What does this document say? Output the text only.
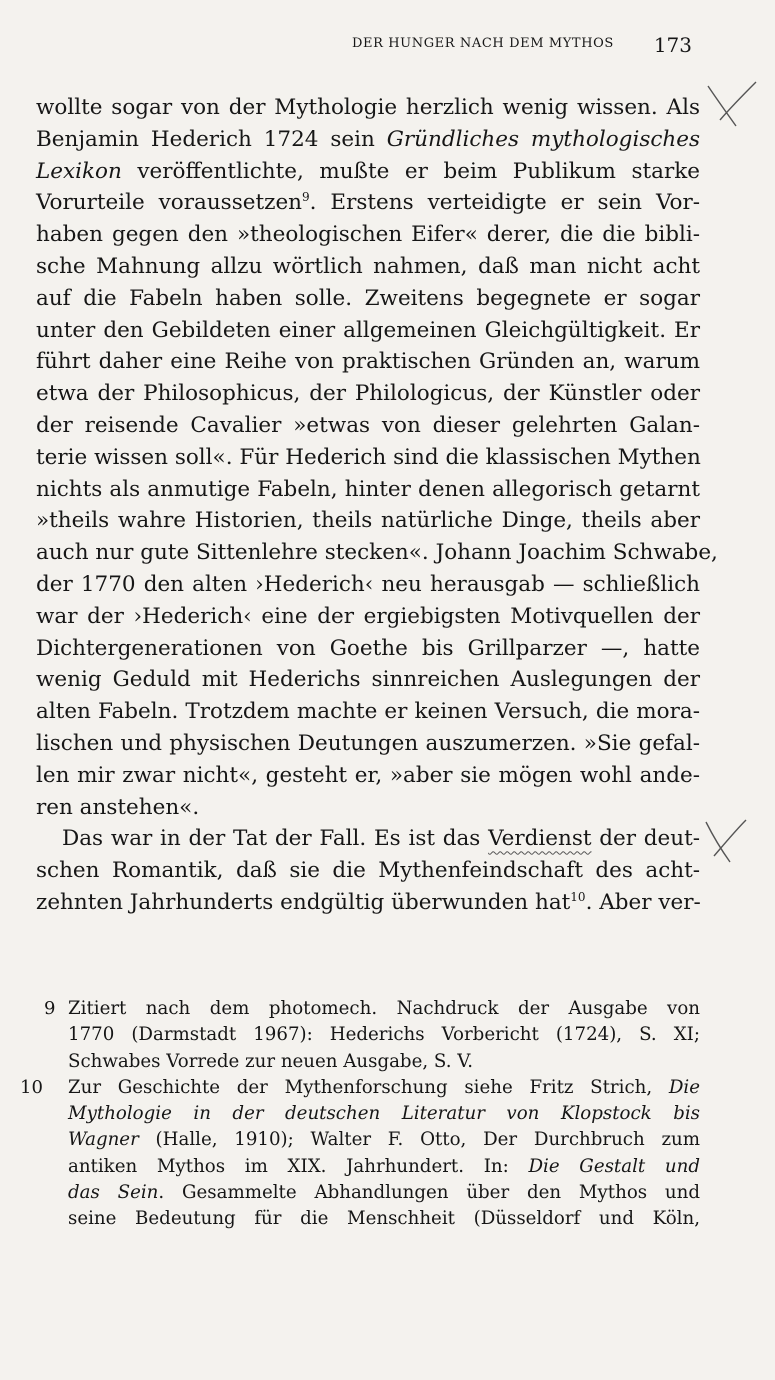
DER HUNGER NACH DEM MYTHOS 173
wollte sogar von der Mythologie herzlich wenig wissen. Als
Benjamin Hederich 1724 sein Gründliches mythologisches
Lexikon veröffentlichte, mußte er beim Publikum starke
Vorurteile voraussetzen$^9$. Erstens verteidigte er sein Vor-
haben gegen den »theologischen Eifer« derer, die die bibli-
sche Mahnung allzu wörtlich nahmen, daß man nicht acht
auf die Fabeln haben solle. Zweitens begegnete er sogar
unter den Gebildeten einer allgemeinen Gleichgültigkeit. Er
führt daher eine Reihe von praktischen Gründen an, warum
etwa der Philosophicus, der Philologicus, der Künstler oder
der reisende Cavalier »etwas von dieser gelehrten Galan-
terie wissen soll«. Für Hederich sind die klassischen Mythen
nichts als anmutige Fabeln, hinter denen allegorisch getarnt
»theils wahre Historien, theils natürliche Dinge, theils aber
auch nur gute Sittenlehre stecken«. Johann Joachim Schwabe,
der 1770 den alten ›Hederich‹ neu herausgab — schließlich
war der ›Hederich‹ eine der ergiebigsten Motivquellen der
Dichtergenerationen von Goethe bis Grillparzer —, hatte
wenig Geduld mit Hederichs sinnreichen Auslegungen der
alten Fabeln. Trotzdem machte er keinen Versuch, die mora-
lischen und physischen Deutungen auszumerzen. »Sie gefal-
len mir zwar nicht«, gesteht er, »aber sie mögen wohl ande-
ren anstehen«.
Das war in der Tat der Fall. Es ist das Verdienst der deut-
schen Romantik, daß sie die Mythenfeindschaft des acht-
zehnten Jahrhunderts endgültig überwunden hat$^{10}$. Aber ver-
9 Zitiert nach dem photomech. Nachdruck der Ausgabe von
1770 (Darmstadt 1967): Hederichs Vorbericht (1724), S. XI;
Schwabes Vorrede zur neuen Ausgabe, S. V.
10 Zur Geschichte der Mythenforschung siehe Fritz Strich, Die
Mythologie in der deutschen Literatur von Klopstock bis
Wagner (Halle, 1910); Walter F. Otto, Der Durchbruch zum
antiken Mythos im XIX. Jahrhundert. In: Die Gestalt und
das Sein. Gesammelte Abhandlungen über den Mythos und
seine Bedeutung für die Menschheit (Düsseldorf und Köln,
